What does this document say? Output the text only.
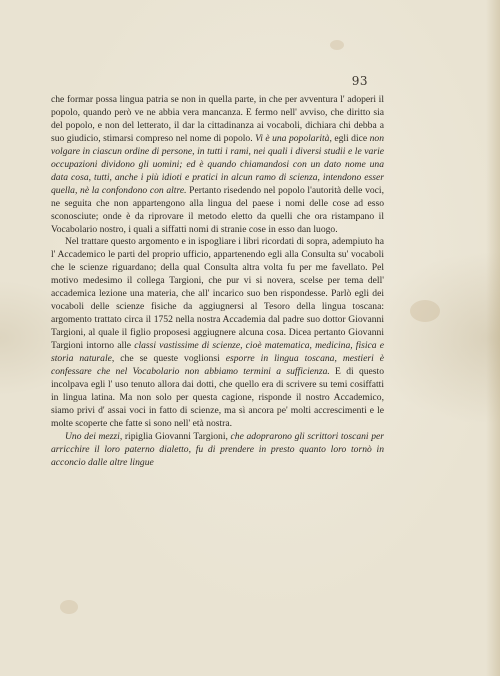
93

che formar possa lingua patria se non in quella parte, in che per avventura l' adoperi il popolo, quando però ve ne abbia vera mancanza. E fermo nell' avviso, che diritto sia del popolo, e non del letterato, il dar la cittadinanza ai vocaboli, dichiara chi debba a suo giudicio, stimarsi compreso nel nome di popolo. Vi è una popolarità, egli dice non volgare in ciascun ordine di persone, in tutti i rami, nei quali i diversi studii e le varie occupazioni dividono gli uomini; ed è quando chiamandosi con un dato nome una data cosa, tutti, anche i più idioti e pratici in alcun ramo di scienza, intendono esser quella, nè la confondono con altre. Pertanto risedendo nel popolo l'autorità delle voci, ne seguita che non appartengono alla lingua del paese i nomi delle cose ad esso sconosciute; onde è da riprovare il metodo eletto da quelli che ora ristampano il Vocabolario nostro, i quali a siffatti nomi di stranie cose in esso dan luogo.

Nel trattare questo argomento e in ispogliare i libri ricordati di sopra, adempiuto ha l' Accademico le parti del proprio ufficio, appartenendo egli alla Consulta su' vocaboli che le scienze riguardano; della qual Consulta altra volta fu per me favellato. Pel motivo medesimo il collega Targioni, che pur vi si novera, scelse per tema dell' accademica lezione una materia, che all' incarico suo ben rispondesse. Parlò egli dei vocaboli delle scienze fisiche da aggiugnersi al Tesoro della lingua toscana: argomento trattato circa il 1752 nella nostra Accademia dal padre suo dottor Giovanni Targioni, al quale il figlio proposesi aggiugnere alcuna cosa. Dicea pertanto Giovanni Targioni intorno alle classi vastissime di scienze, cioè matematica, medicina, fisica e storia naturale, che se queste voglionsi esporre in lingua toscana, mestieri è confessare che nel Vocabolario non abbiamo termini a sufficienza. E di questo incolpava egli l' uso tenuto allora dai dotti, che quello era di scrivere su temi cosiffatti in lingua latina. Ma non solo per questa cagione, risponde il nostro Accademico, siamo privi d' assai voci in fatto di scienze, ma sì ancora pe' molti accrescimenti e le molte scoperte che fatte si sono nell' età nostra.

Uno dei mezzi, ripiglia Giovanni Targioni, che adoprarono gli scrittori toscani per arricchire il loro paterno dialetto, fu di prendere in presto quanto loro tornò in acconcio dalle altre lingue
